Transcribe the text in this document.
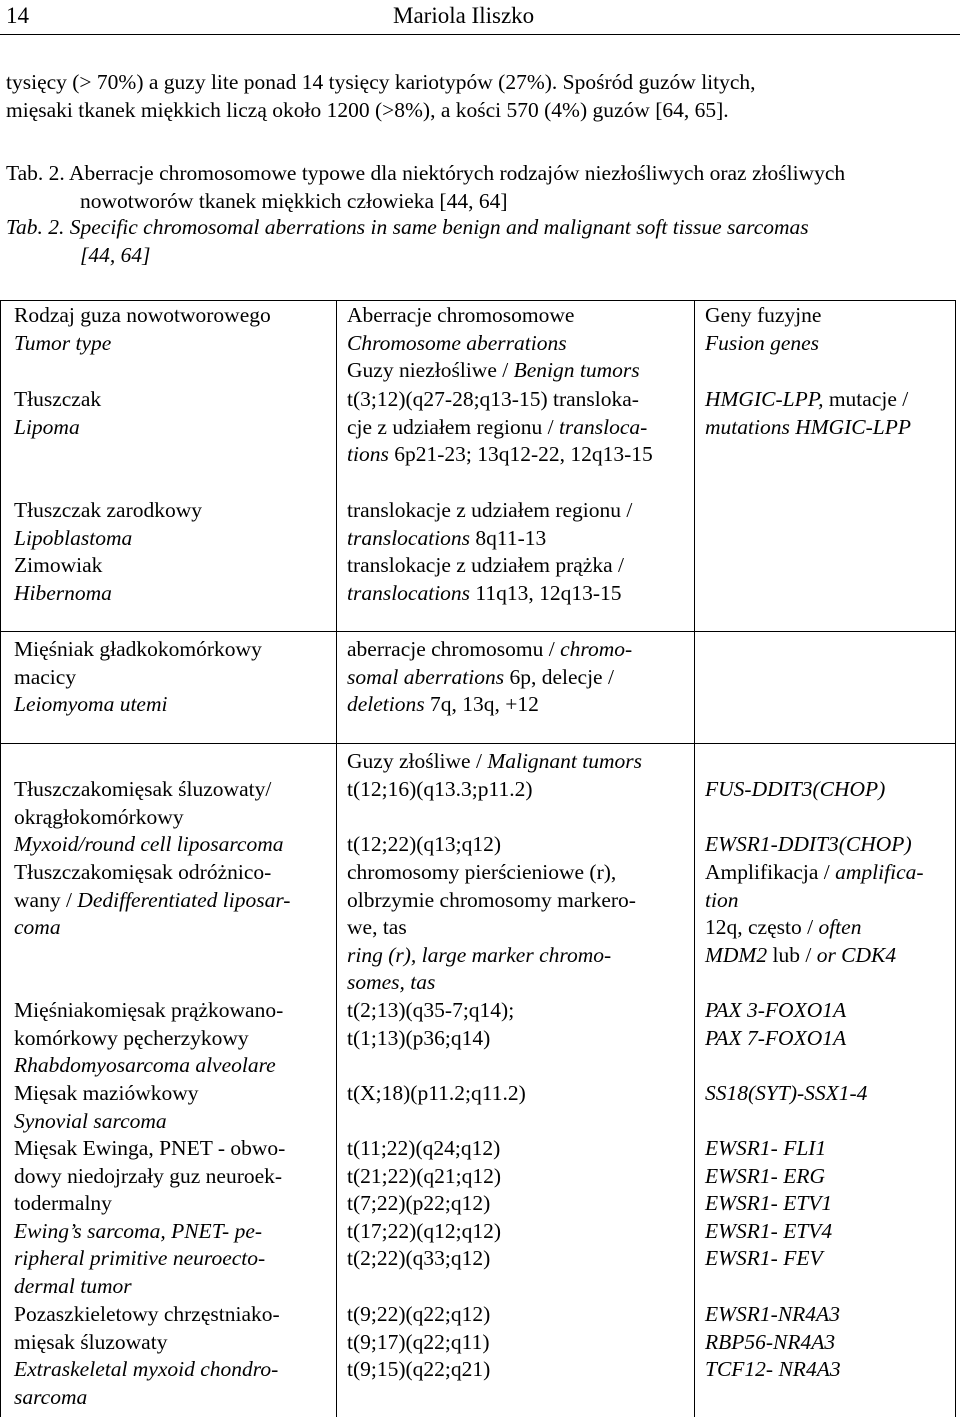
14	Mariola Iliszko
tysięcy (> 70%) a guzy lite ponad 14 tysięcy kariotypów (27%). Spośród guzów litych,
mięsaki tkanek miękkich liczą około 1200 (>8%), a kości 570 (4%) guzów [64, 65].
Tab. 2. Aberracje chromosomowe typowe dla niektórych rodzajów niezłośliwych oraz złośliwych
nowotworów tkanek miękkich człowieka [44, 64]
Tab. 2. Specific chromosomal aberrations in same benign and malignant soft tissue sarcomas
[44, 64]
Rodzaj guza nowotworowego
Tumor type
Aberracje chromosomowe
Chromosome aberrations
Guzy niezłośliwe / Benign tumors
Geny fuzyjne
Fusion genes
Tłuszczak
Lipoma
t(3;12)(q27-28;q13-15) transloka-
cje z udziałem regionu / transloca-
tions 6p21-23; 13q12-22, 12q13-15
HMGIC-LPP, mutacje /
mutations HMGIC-LPP
Tłuszczak zarodkowy
Lipoblastoma
Zimowiak
Hibernoma
translokacje z udziałem regionu /
translocations 8q11-13
translokacje z udziałem prążka /
translocations 11q13, 12q13-15
Mięśniak gładkokomórkowy
macicy
Leiomyoma utemi
aberracje chromosomu / chromo-
somal aberrations 6p, delecje /
deletions 7q, 13q, +12
Guzy złośliwe / Malignant tumors
Tłuszczakomięsak śluzowaty/
okrągłokomórkowy
Myxoid/round cell liposarcoma
t(12;16)(q13.3;p11.2)
t(12;22)(q13;q12)
FUS-DDIT3(CHOP)
EWSR1-DDIT3(CHOP)
Tłuszczakomięsak odróżnico-
wany / Dedifferentiated liposar-
coma
chromosomy pierścieniowe (r),
olbrzymie chromosomy markero-
we, tas
ring (r), large marker chromo-
somes, tas
Amplifikacja / amplifica-
tion
12q, często / often
MDM2 lub / or CDK4
Mięśniakomięsak prążkowano-
komórkowy pęcherzykowy
Rhabdomyosarcoma alveolare
t(2;13)(q35-7;q14);
t(1;13)(p36;q14)
PAX 3-FOXO1A
PAX 7-FOXO1A
Mięsak maziówkowy
Synovial sarcoma
t(X;18)(p11.2;q11.2)	SS18(SYT)-SSX1-4
Mięsak Ewinga, PNET - obwo-
dowy niedojrzały guz neuroek-
todermalny
Ewing’s sarcoma, PNET- pe-
ripheral primitive neuroecto-
dermal tumor
t(11;22)(q24;q12)
t(21;22)(q21;q12)
t(7;22)(p22;q12)
t(17;22)(q12;q12)
t(2;22)(q33;q12)
EWSR1- FLI1
EWSR1- ERG
EWSR1- ETV1
EWSR1- ETV4
EWSR1- FEV
Pozaszkieletowy chrzęstniako-
mięsak śluzowaty
Extraskeletal myxoid chondro-
sarcoma
t(9;22)(q22;q12)
t(9;17)(q22;q11)
t(9;15)(q22;q21)
EWSR1-NR4A3
RBP56-NR4A3
TCF12- NR4A3
